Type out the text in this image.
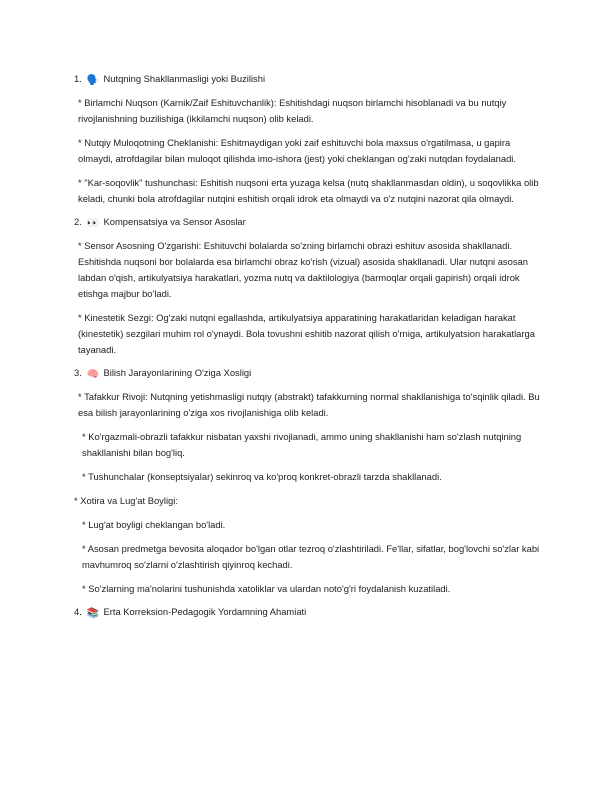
1. 🗣️ Nutqning Shakllanmasligi yoki Buzilishi
* Birlamchi Nuqson (Karnik/Zaif Eshituvchanlik): Eshitishdagi nuqson birlamchi hisoblanadi va bu nutqiy rivojlanishning buzilishiga (ikkilamchi nuqson) olib keladi.
* Nutqiy Muloqotning Cheklanishi: Eshitmaydigan yoki zaif eshituvchi bola maxsus o'rgatilmasa, u gapira olmaydi, atrofdagilar bilan muloqot qilishda imo-ishora (jest) yoki cheklangan og'zaki nutqdan foydalanadi.
* "Kar-soqovlik" tushunchasi: Eshitish nuqsoni erta yuzaga kelsa (nutq shakllanmasdan oldin), u soqovlikka olib keladi, chunki bola atrofdagilar nutqini eshitish orqali idrok eta olmaydi va o'z nutqini nazorat qila olmaydi.
2. 👀 Kompensatsiya va Sensor Asoslar
* Sensor Asosning O'zgarishi: Eshituvchi bolalarda so'zning birlamchi obrazi eshituv asosida shakllanadi. Eshitishda nuqsoni bor bolalarda esa birlamchi obraz ko'rish (vizual) asosida shakllanadi. Ular nutqni asosan labdan o'qish, artikulyatsiya harakatlari, yozma nutq va daktilologiya (barmoqlar orqali gapirish) orqali idrok etishga majbur bo'ladi.
* Kinestetik Sezgi: Og'zaki nutqni egallashda, artikulyatsiya apparatining harakatlaridan keladigan harakat (kinestetik) sezgilari muhim rol o'ynaydi. Bola tovushni eshitib nazorat qilish o'rniga, artikulyatsion harakatlarga tayanadi.
3. 🧠 Bilish Jarayonlarining O'ziga Xosligi
* Tafakkur Rivoji: Nutqning yetishmasligi nutqiy (abstrakt) tafakkurning normal shakllanishiga to'sqinlik qiladi. Bu esa bilish jarayonlarining o'ziga xos rivojlanishiga olib keladi.
* Ko'rgazmali-obrazli tafakkur nisbatan yaxshi rivojlanadi, ammo uning shakllanishi ham so'zlash nutqining shakllanishi bilan bog'liq.
* Tushunchalar (konseptsiyalar) sekinroq va ko'proq konkret-obrazli tarzda shakllanadi.
* Xotira va Lug'at Boyligi:
* Lug'at boyligi cheklangan bo'ladi.
* Asosan predmetga bevosita aloqador bo'lgan otlar tezroq o'zlashtiriladi. Fe'llar, sifatlar, bog'lovchi so'zlar kabi mavhumroq so'zlarni o'zlashtirish qiyinroq kechadi.
* So'zlarning ma'nolarini tushunishda xatoliklar va ulardan noto'g'ri foydalanish kuzatiladi.
4. 📚 Erta Korreksion-Pedagogik Yordamning Ahamiati
